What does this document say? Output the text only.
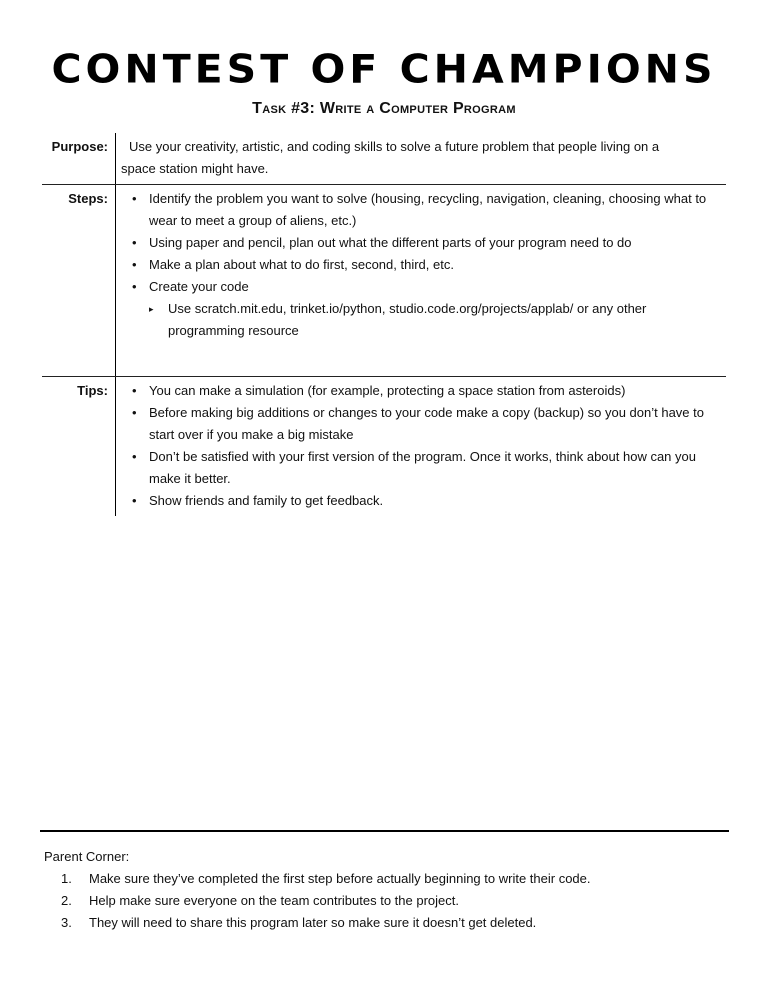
CONTEST OF CHAMPIONS
Task #3: Write a Computer Program
Purpose: Use your creativity, artistic, and coding skills to solve a future problem that people living on a
space station might have.
Steps:	• Identify the problem you want to solve (housing, recycling, navigation, cleaning, choosing what to wear to meet a group of aliens, etc.)
• Using paper and pencil, plan out what the different parts of your program need to do
• Make a plan about what to do first, second, third, etc.
• Create your code
▸ Use scratch.mit.edu, trinket.io/python, studio.code.org/projects/applab/ or any other programming resource
Tips:	• You can make a simulation (for example, protecting a space station from asteroids)
• Before making big additions or changes to your code make a copy (backup) so you don’t have to start over if you make a big mistake
• Don’t be satisfied with your first version of the program. Once it works, think about how can you make it better.
• Show friends and family to get feedback.
Parent Corner:
1. Make sure they’ve completed the first step before actually beginning to write their code.
2. Help make sure everyone on the team contributes to the project.
3. They will need to share this program later so make sure it doesn’t get deleted.
